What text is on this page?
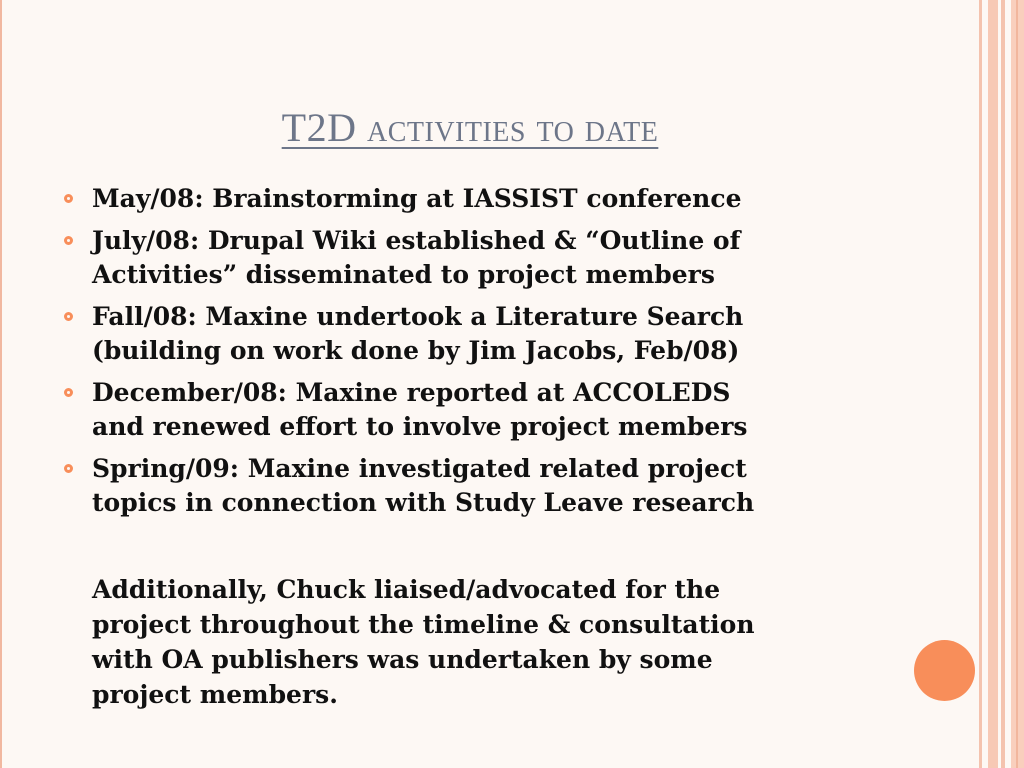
T2D activities to date
May/08: Brainstorming at IASSIST conference
July/08: Drupal Wiki established & “Outline of
Activities” disseminated to project members
Fall/08: Maxine undertook a Literature Search
(building on work done by Jim Jacobs, Feb/08)
December/08: Maxine reported at ACCOLEDS
and renewed effort to involve project members
Spring/09: Maxine investigated related project
topics in connection with Study Leave research

Additionally, Chuck liaised/advocated for the
project throughout the timeline & consultation
with OA publishers was undertaken by some
project members.
